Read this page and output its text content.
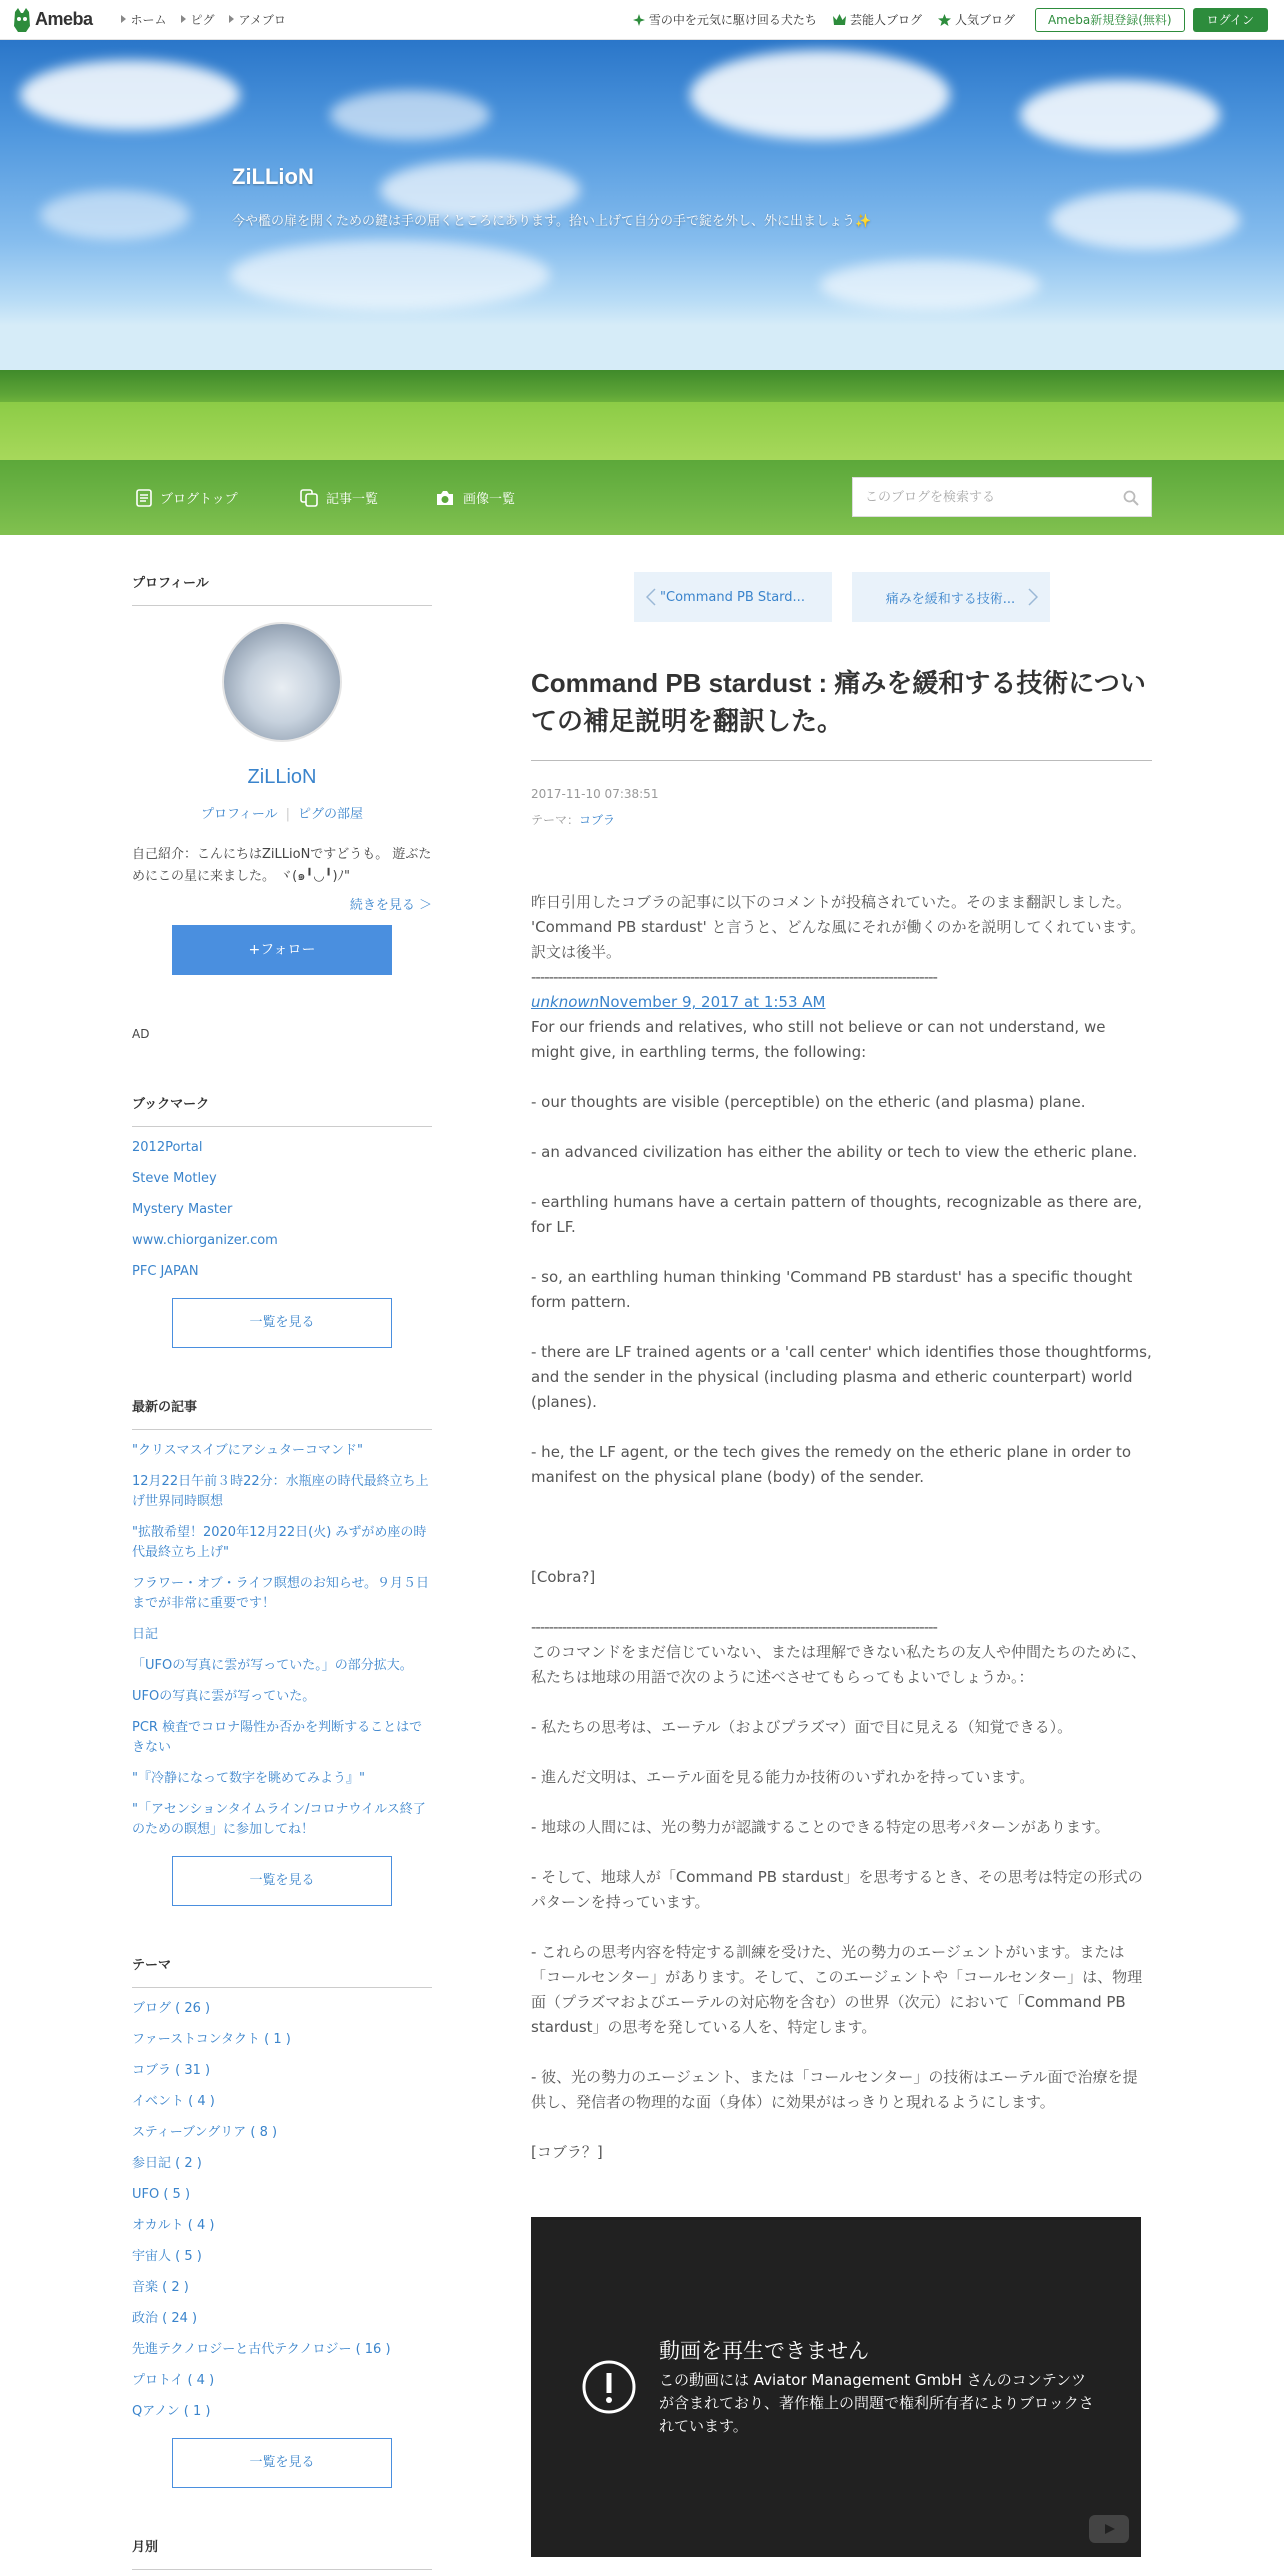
Ameba	ホーム	ピグ	アメブロ	雪の中を元気に駆け回る犬たち	芸能人ブログ	人気ブログ	Ameba新規登録(無料)	ログイン
ZiLLioN
今や檻の扉を開くための鍵は手の届くところにあります。拾い上げて自分の手で錠を外し、外に出ましょう✨
ブログトップ	記事一覧	画像一覧
このブログを検索する
プロフィール
ZiLLioN
プロフィール | ピグの部屋
自己紹介：こんにちはZiLLioNですどうも。 遊ぶためにこの星に来ました。 ヾ(๑╹◡╹)ﾉ"
続きを見る ＞
+フォロー
AD
ブックマーク
2012Portal
Steve Motley
Mystery Master
www.chiorganizer.com
PFC JAPAN
一覧を見る
最新の記事
"クリスマスイブにアシュターコマンド"
12月22日午前３時22分：水瓶座の時代最終立ち上げ世界同時瞑想
"拡散希望！2020年12月22日(火) みずがめ座の時代最終立ち上げ"
フラワー・オブ・ライフ瞑想のお知らせ。９月５日までが非常に重要です！
日記
「UFOの写真に雲が写っていた。」の部分拡大。
UFOの写真に雲が写っていた。
PCR 検査でコロナ陽性か否かを判断することはできない
"『冷静になって数字を眺めてみよう』"
"「アセンションタイムライン/コロナウイルス終了のための瞑想」に参加してね！
一覧を見る
テーマ
ブログ ( 26 )
ファーストコンタクト ( 1 )
コブラ ( 31 )
イベント ( 4 )
スティーブングリア ( 8 )
参日記 ( 2 )
UFO ( 5 )
オカルト ( 4 )
宇宙人 ( 5 )
音楽 ( 2 )
政治 ( 24 )
先進テクノロジーと古代テクノロジー ( 16 )
プロトイ ( 4 )
Qアノン ( 1 )
一覧を見る
月別
"Command PB Stard...	痛みを緩和する技術...
Command PB stardust : 痛みを緩和する技術についての補足説明を翻訳した。
2017-11-10 07:38:51
テーマ：コブラ

昨日引用したコブラの記事に以下のコメントが投稿されていた。そのまま翻訳しました。

'Command PB stardust' と言うと、どんな風にそれが働くのかを説明してくれています。訳文は後半。

--------------------------------------------------------------------------------------------

unknownNovember 9, 2017 at 1:53 AM

For our friends and relatives, who still not believe or can not understand, we might give, in earthling terms, the following:

- our thoughts are visible (perceptible) on the etheric (and plasma) plane.

- an advanced civilization has either the ability or tech to view the etheric plane.

- earthling humans have a certain pattern of thoughts, recognizable as there are, for LF.

- so, an earthling human thinking 'Command PB stardust' has a specific thought form pattern.

- there are LF trained agents or a 'call center' which identifies those thoughtforms, and the sender in the physical (including plasma and etheric counterpart) world (planes).

- he, the LF agent, or the tech gives the remedy on the etheric plane in order to manifest on the physical plane (body) of the sender.

[Cobra?]

--------------------------------------------------------------------------------------------

このコマンドをまだ信じていない、または理解できない私たちの友人や仲間たちのために、私たちは地球の用語で次のように述べさせてもらってもよいでしょうか。：

- 私たちの思考は、エーテル（およびプラズマ）面で目に見える（知覚できる）。

- 進んだ文明は、エーテル面を見る能力か技術のいずれかを持っています。

- 地球の人間には、光の勢力が認識することのできる特定の思考パターンがあります。

- そして、地球人が「Command PB stardust」を思考するとき、その思考は特定の形式のパターンを持っています。

- これらの思考内容を特定する訓練を受けた、光の勢力のエージェントがいます。または「コールセンター」があります。そして、このエージェントや「コールセンター」は、物理面（プラズマおよびエーテルの対応物を含む）の世界（次元）において「Command PB stardust」の思考を発している人を、特定します。

- 彼、光の勢力のエージェント、または「コールセンター」の技術はエーテル面で治療を提供し、発信者の物理的な面（身体）に効果がはっきりと現れるようにします。

[コブラ？]

動画を再生できません
この動画には Aviator Management GmbH さんのコンテンツが含まれており、著作権上の問題で権利所有者によりブロックされています。
